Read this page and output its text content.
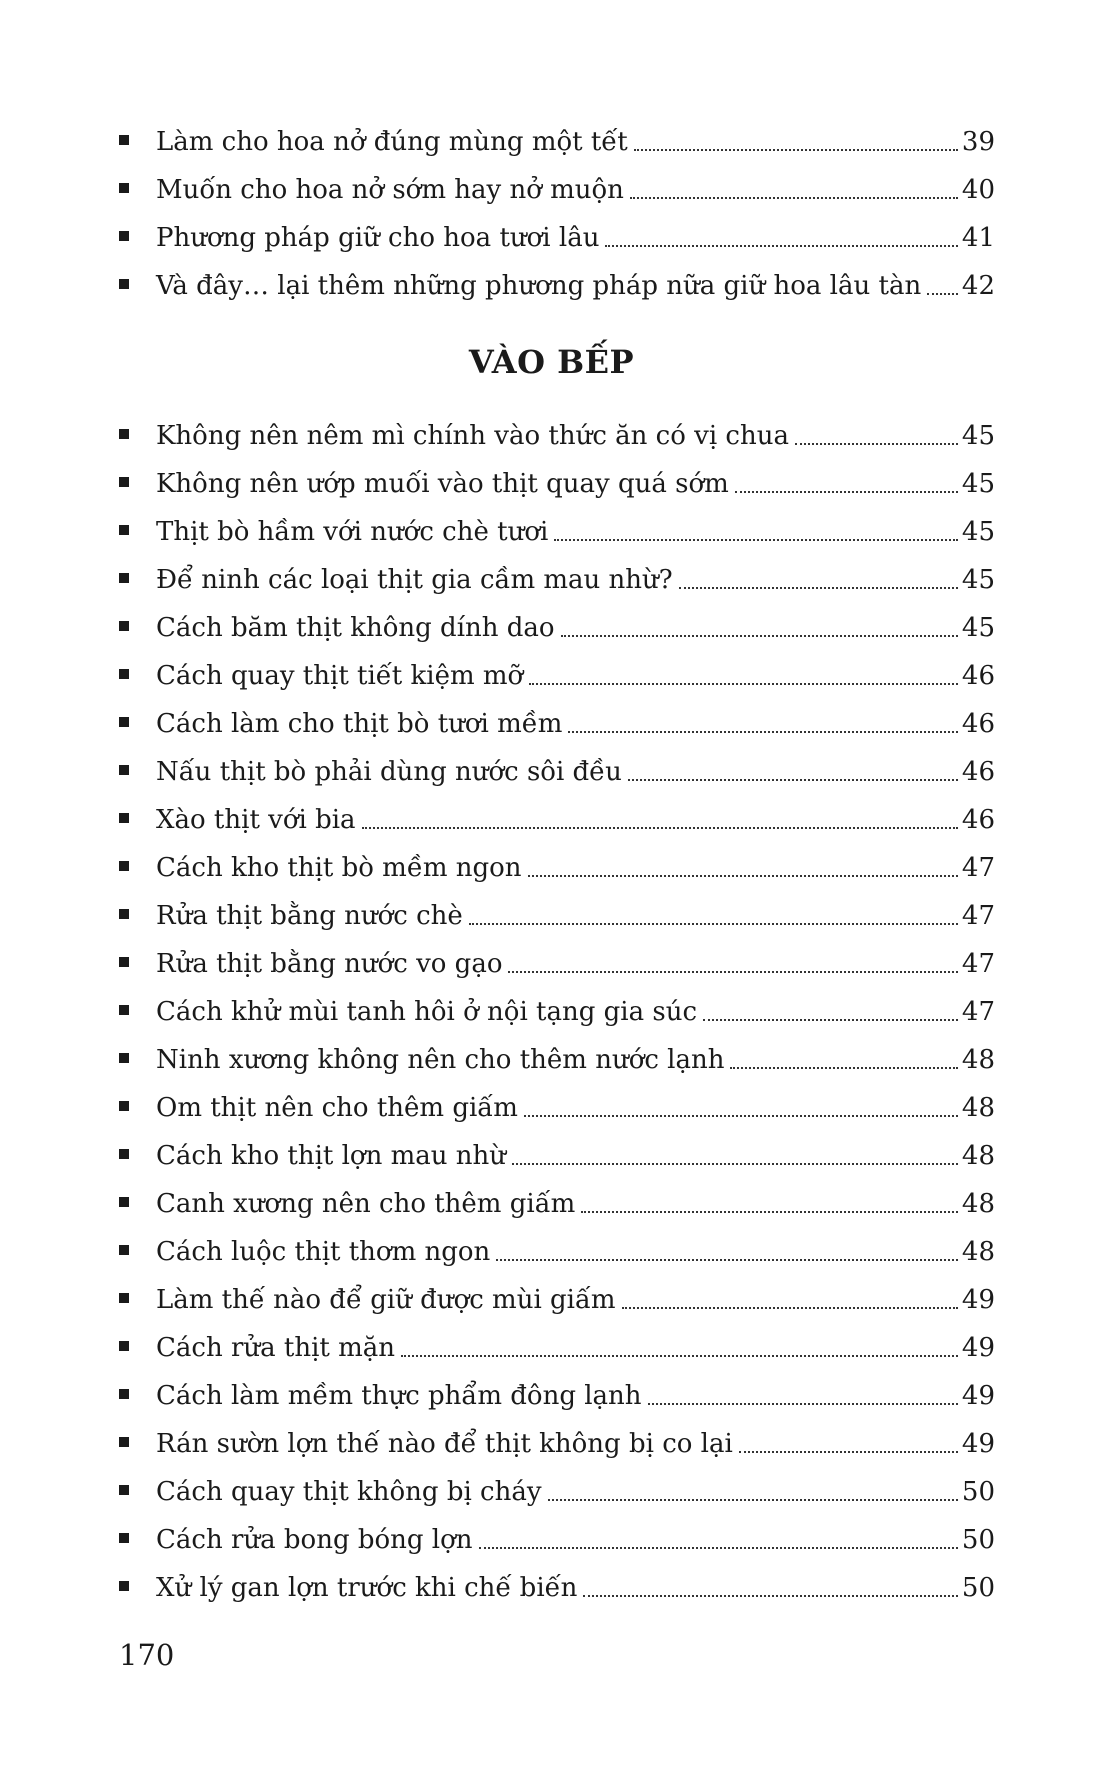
Làm cho hoa nở đúng mùng một tết	39
Muốn cho hoa nở sớm hay nở muộn	40
Phương pháp giữ cho hoa tươi lâu	41
Và đây… lại thêm những phương pháp nữa giữ hoa lâu tàn 42
VÀO BẾP
Không nên nêm mì chính vào thức ăn có vị chua	45
Không nên ướp muối vào thịt quay quá sớm	45
Thịt bò hầm với nước chè tươi	45
Để ninh các loại thịt gia cầm mau nhừ?	45
Cách băm thịt không dính dao	45
Cách quay thịt tiết kiệm mỡ	46
Cách làm cho thịt bò tươi mềm	46
Nấu thịt bò phải dùng nước sôi đều	46
Xào thịt với bia	46
Cách kho thịt bò mềm ngon	47
Rửa thịt bằng nước chè	47
Rửa thịt bằng nước vo gạo	47
Cách khử mùi tanh hôi ở nội tạng gia súc	47
Ninh xương không nên cho thêm nước lạnh	48
Om thịt nên cho thêm giấm	48
Cách kho thịt lợn mau nhừ	48
Canh xương nên cho thêm giấm	48
Cách luộc thịt thơm ngon	48
Làm thế nào để giữ được mùi giấm	49
Cách rửa thịt mặn	49
Cách làm mềm thực phẩm đông lạnh	49
Rán sườn lợn thế nào để thịt không bị co lại	49
Cách quay thịt không bị cháy	50
Cách rửa bong bóng lợn	50
Xử lý gan lợn trước khi chế biến	50
170
